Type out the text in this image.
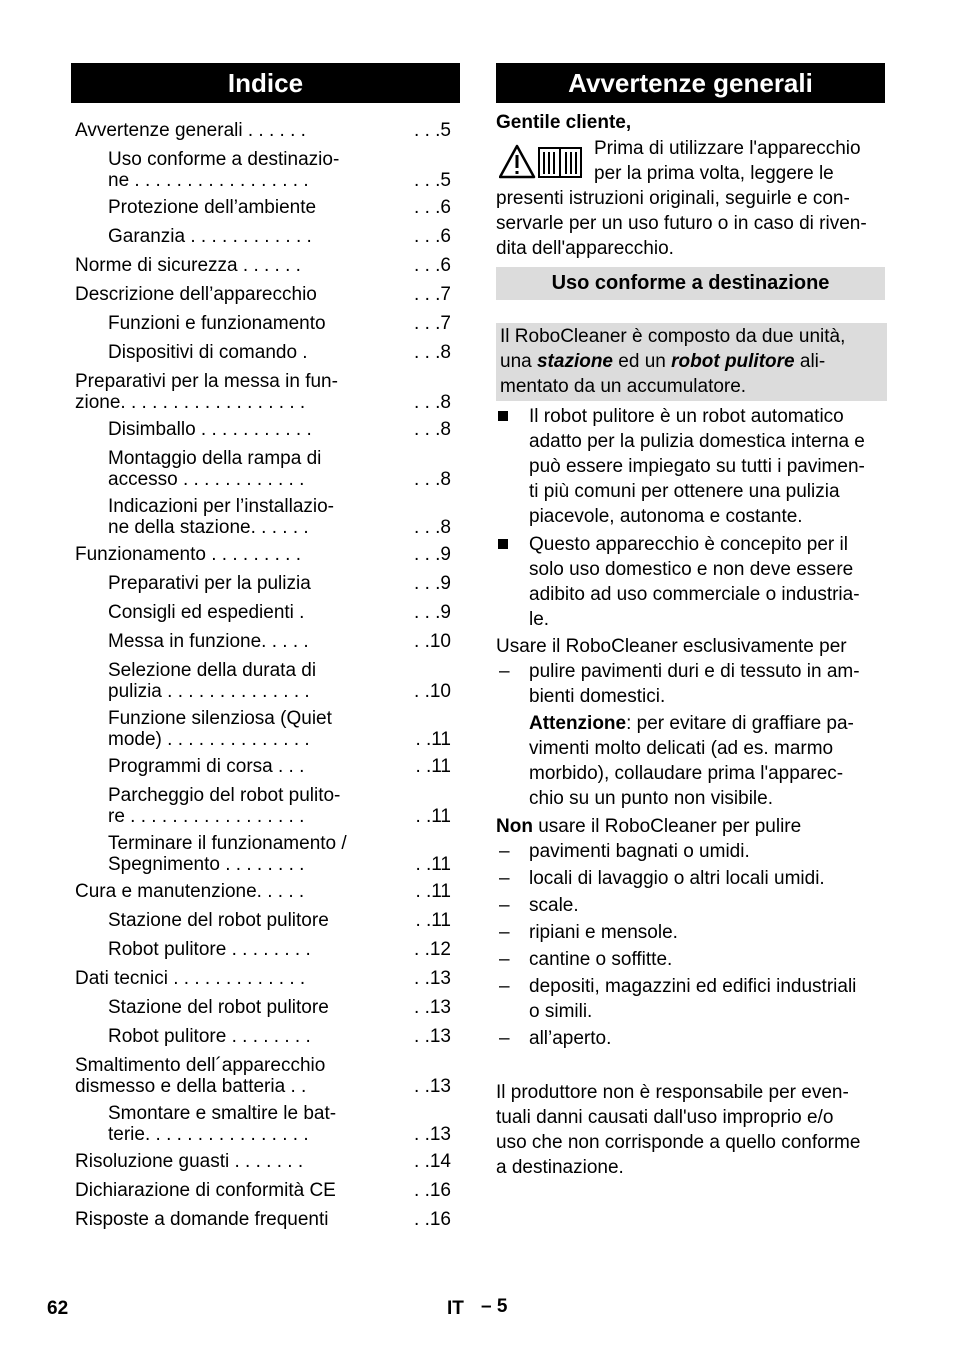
Indice	Avvertenze generali
Avvertenze generali . . . . . .	. . .5
Uso conforme a destinazio-
ne . . . . . . . . . . . . . . . . .	. . .5
Protezione dell’ambiente	. . .6
Garanzia . . . . . . . . . . . .	. . .6
Norme di sicurezza . . . . . .	. . .6
Descrizione dell’apparecchio	. . .7
Funzioni e funzionamento	. . .7
Dispositivi di comando .	. . .8
Preparativi per la messa in fun-
zione. . . . . . . . . . . . . . . . . .	. . .8
Disimballo . . . . . . . . . . .	. . .8
Montaggio della rampa di
accesso . . . . . . . . . . . .	. . .8
Indicazioni per l’installazio-
ne della stazione. . . . . .	. . .8
Funzionamento . . . . . . . . .	. . .9
Preparativi per la pulizia	. . .9
Consigli ed espedienti .	. . .9
Messa in funzione. . . . .	. .10
Selezione della durata di
pulizia . . . . . . . . . . . . . .	. .10
Funzione silenziosa (Quiet
mode) . . . . . . . . . . . . . .	. .11
Programmi di corsa . . .	. .11
Parcheggio del robot pulito-
re . . . . . . . . . . . . . . . . .	. .11
Terminare il funzionamento /
Spegnimento . . . . . . . .	. .11
Cura e manutenzione. . . . .	. .11
Stazione del robot pulitore	. .11
Robot pulitore . . . . . . . .	. .12
Dati tecnici . . . . . . . . . . . . .	. .13
Stazione del robot pulitore	. .13
Robot pulitore . . . . . . . .	. .13
Smaltimento dell´apparecchio
dismesso e della batteria . .	. .13
Smontare e smaltire le bat-
terie. . . . . . . . . . . . . . . .	. .13
Risoluzione guasti . . . . . . .	. .14
Dichiarazione di conformità CE	. .16
Risposte a domande frequenti	. .16
Gentile cliente,
Prima di utilizzare l'apparecchio
per la prima volta, leggere le
presenti istruzioni originali, seguirle e con-
servarle per un uso futuro o in caso di riven-
dita dell'apparecchio.
Uso conforme a destinazione
Il RoboCleaner è composto da due unità,
una stazione ed un robot pulitore ali-
mentato da un accumulatore.
Il robot pulitore è un robot automatico
adatto per la pulizia domestica interna e
può essere impiegato su tutti i pavimen-
ti più comuni per ottenere una pulizia
piacevole, autonoma e costante.
Questo apparecchio è concepito per il
solo uso domestico e non deve essere
adibito ad uso commerciale o industria-
le.
Usare il RoboCleaner esclusivamente per
– pulire pavimenti duri e di tessuto in am-
bienti domestici.
Attenzione: per evitare di graffiare pa-
vimenti molto delicati (ad es. marmo
morbido), collaudare prima l'apparec-
chio su un punto non visibile.
Non usare il RoboCleaner per pulire
– pavimenti bagnati o umidi.
– locali di lavaggio o altri locali umidi.
– scale.
– ripiani e mensole.
– cantine o soffitte.
– depositi, magazzini ed edifici industriali
o simili.
– all’aperto.
Il produttore non è responsabile per even-
tuali danni causati dall'uso improprio e/o
uso che non corrisponde a quello conforme
a destinazione.
62	IT – 5
